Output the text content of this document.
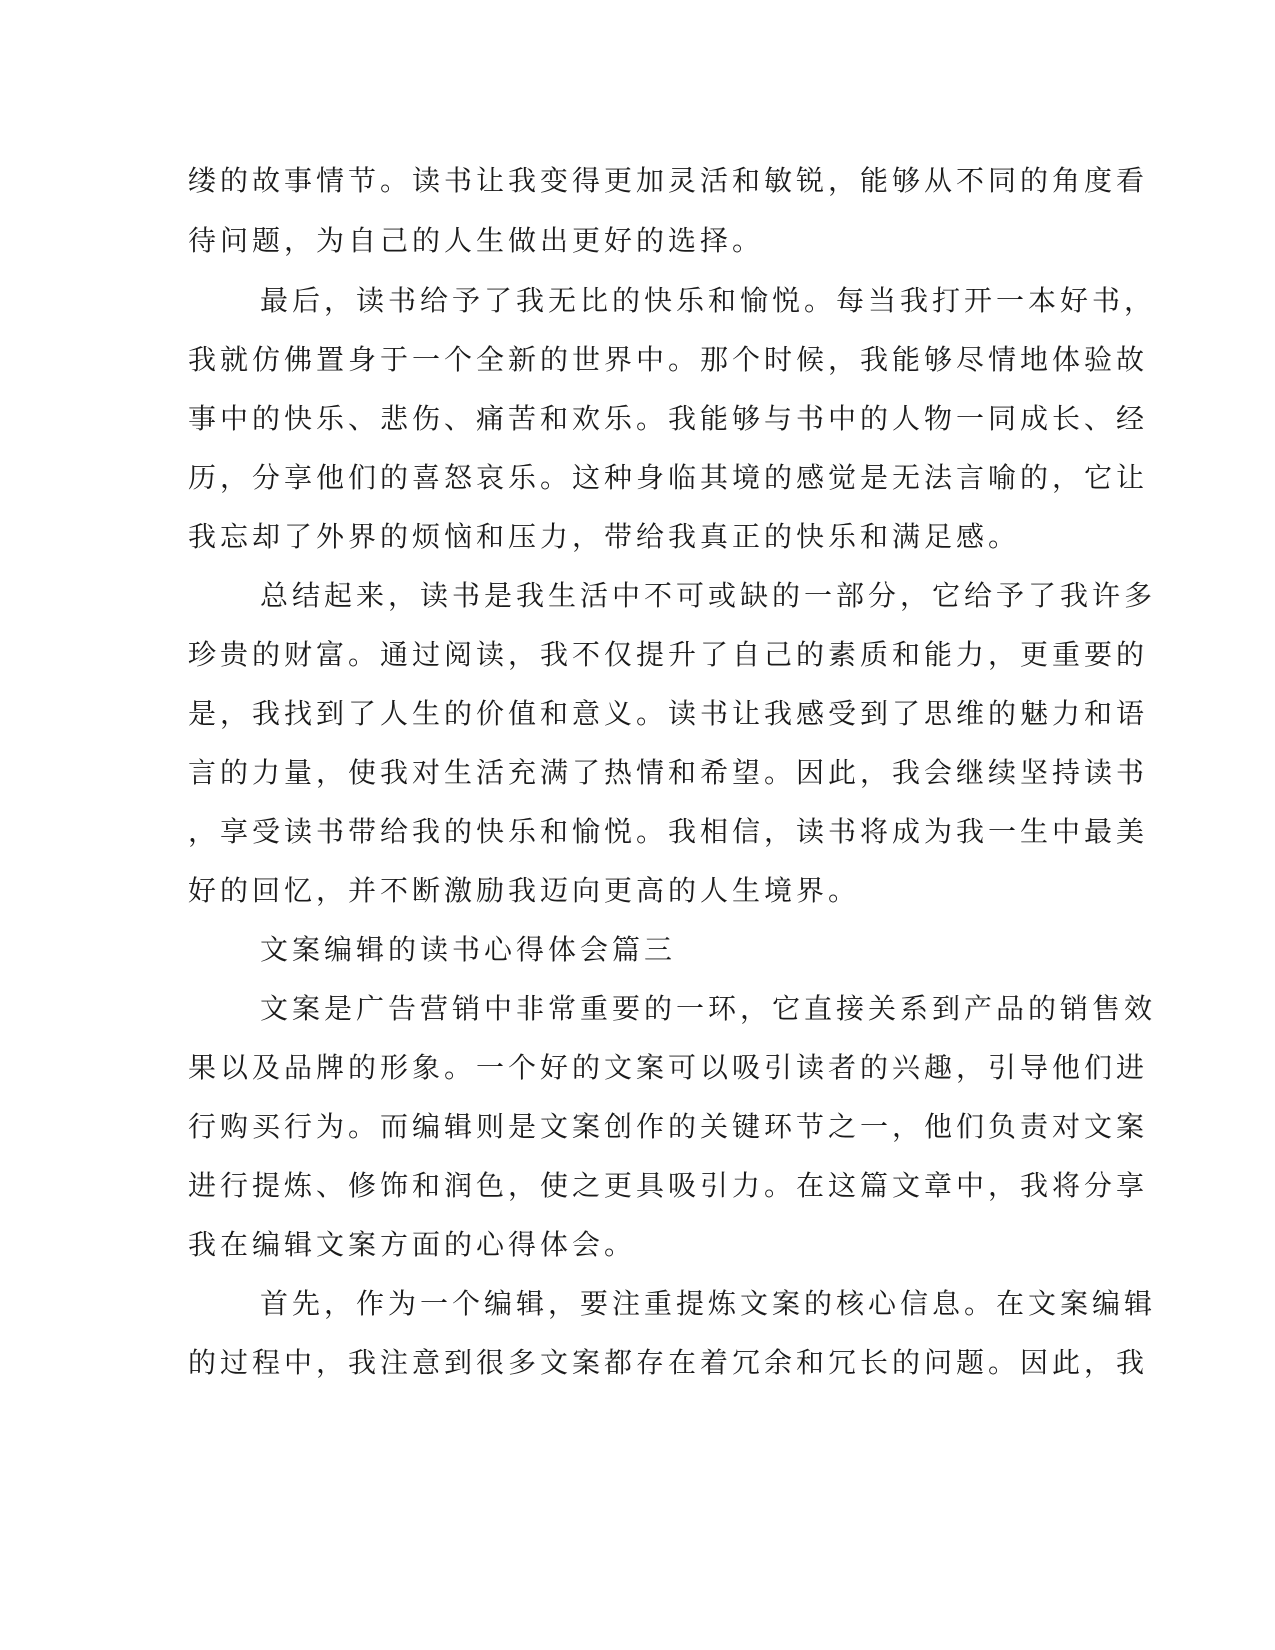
缕的故事情节。读书让我变得更加灵活和敏锐，能够从不同的角度看

待问题，为自己的人生做出更好的选择。

最后，读书给予了我无比的快乐和愉悦。每当我打开一本好书，

我就仿佛置身于一个全新的世界中。那个时候，我能够尽情地体验故

事中的快乐、悲伤、痛苦和欢乐。我能够与书中的人物一同成长、经

历，分享他们的喜怒哀乐。这种身临其境的感觉是无法言喻的，它让

我忘却了外界的烦恼和压力，带给我真正的快乐和满足感。

总结起来，读书是我生活中不可或缺的一部分，它给予了我许多

珍贵的财富。通过阅读，我不仅提升了自己的素质和能力，更重要的

是，我找到了人生的价值和意义。读书让我感受到了思维的魅力和语

言的力量，使我对生活充满了热情和希望。因此，我会继续坚持读书

，享受读书带给我的快乐和愉悦。我相信，读书将成为我一生中最美

好的回忆，并不断激励我迈向更高的人生境界。

文案编辑的读书心得体会篇三

文案是广告营销中非常重要的一环，它直接关系到产品的销售效

果以及品牌的形象。一个好的文案可以吸引读者的兴趣，引导他们进

行购买行为。而编辑则是文案创作的关键环节之一，他们负责对文案

进行提炼、修饰和润色，使之更具吸引力。在这篇文章中，我将分享

我在编辑文案方面的心得体会。

首先，作为一个编辑，要注重提炼文案的核心信息。在文案编辑

的过程中，我注意到很多文案都存在着冗余和冗长的问题。因此，我
